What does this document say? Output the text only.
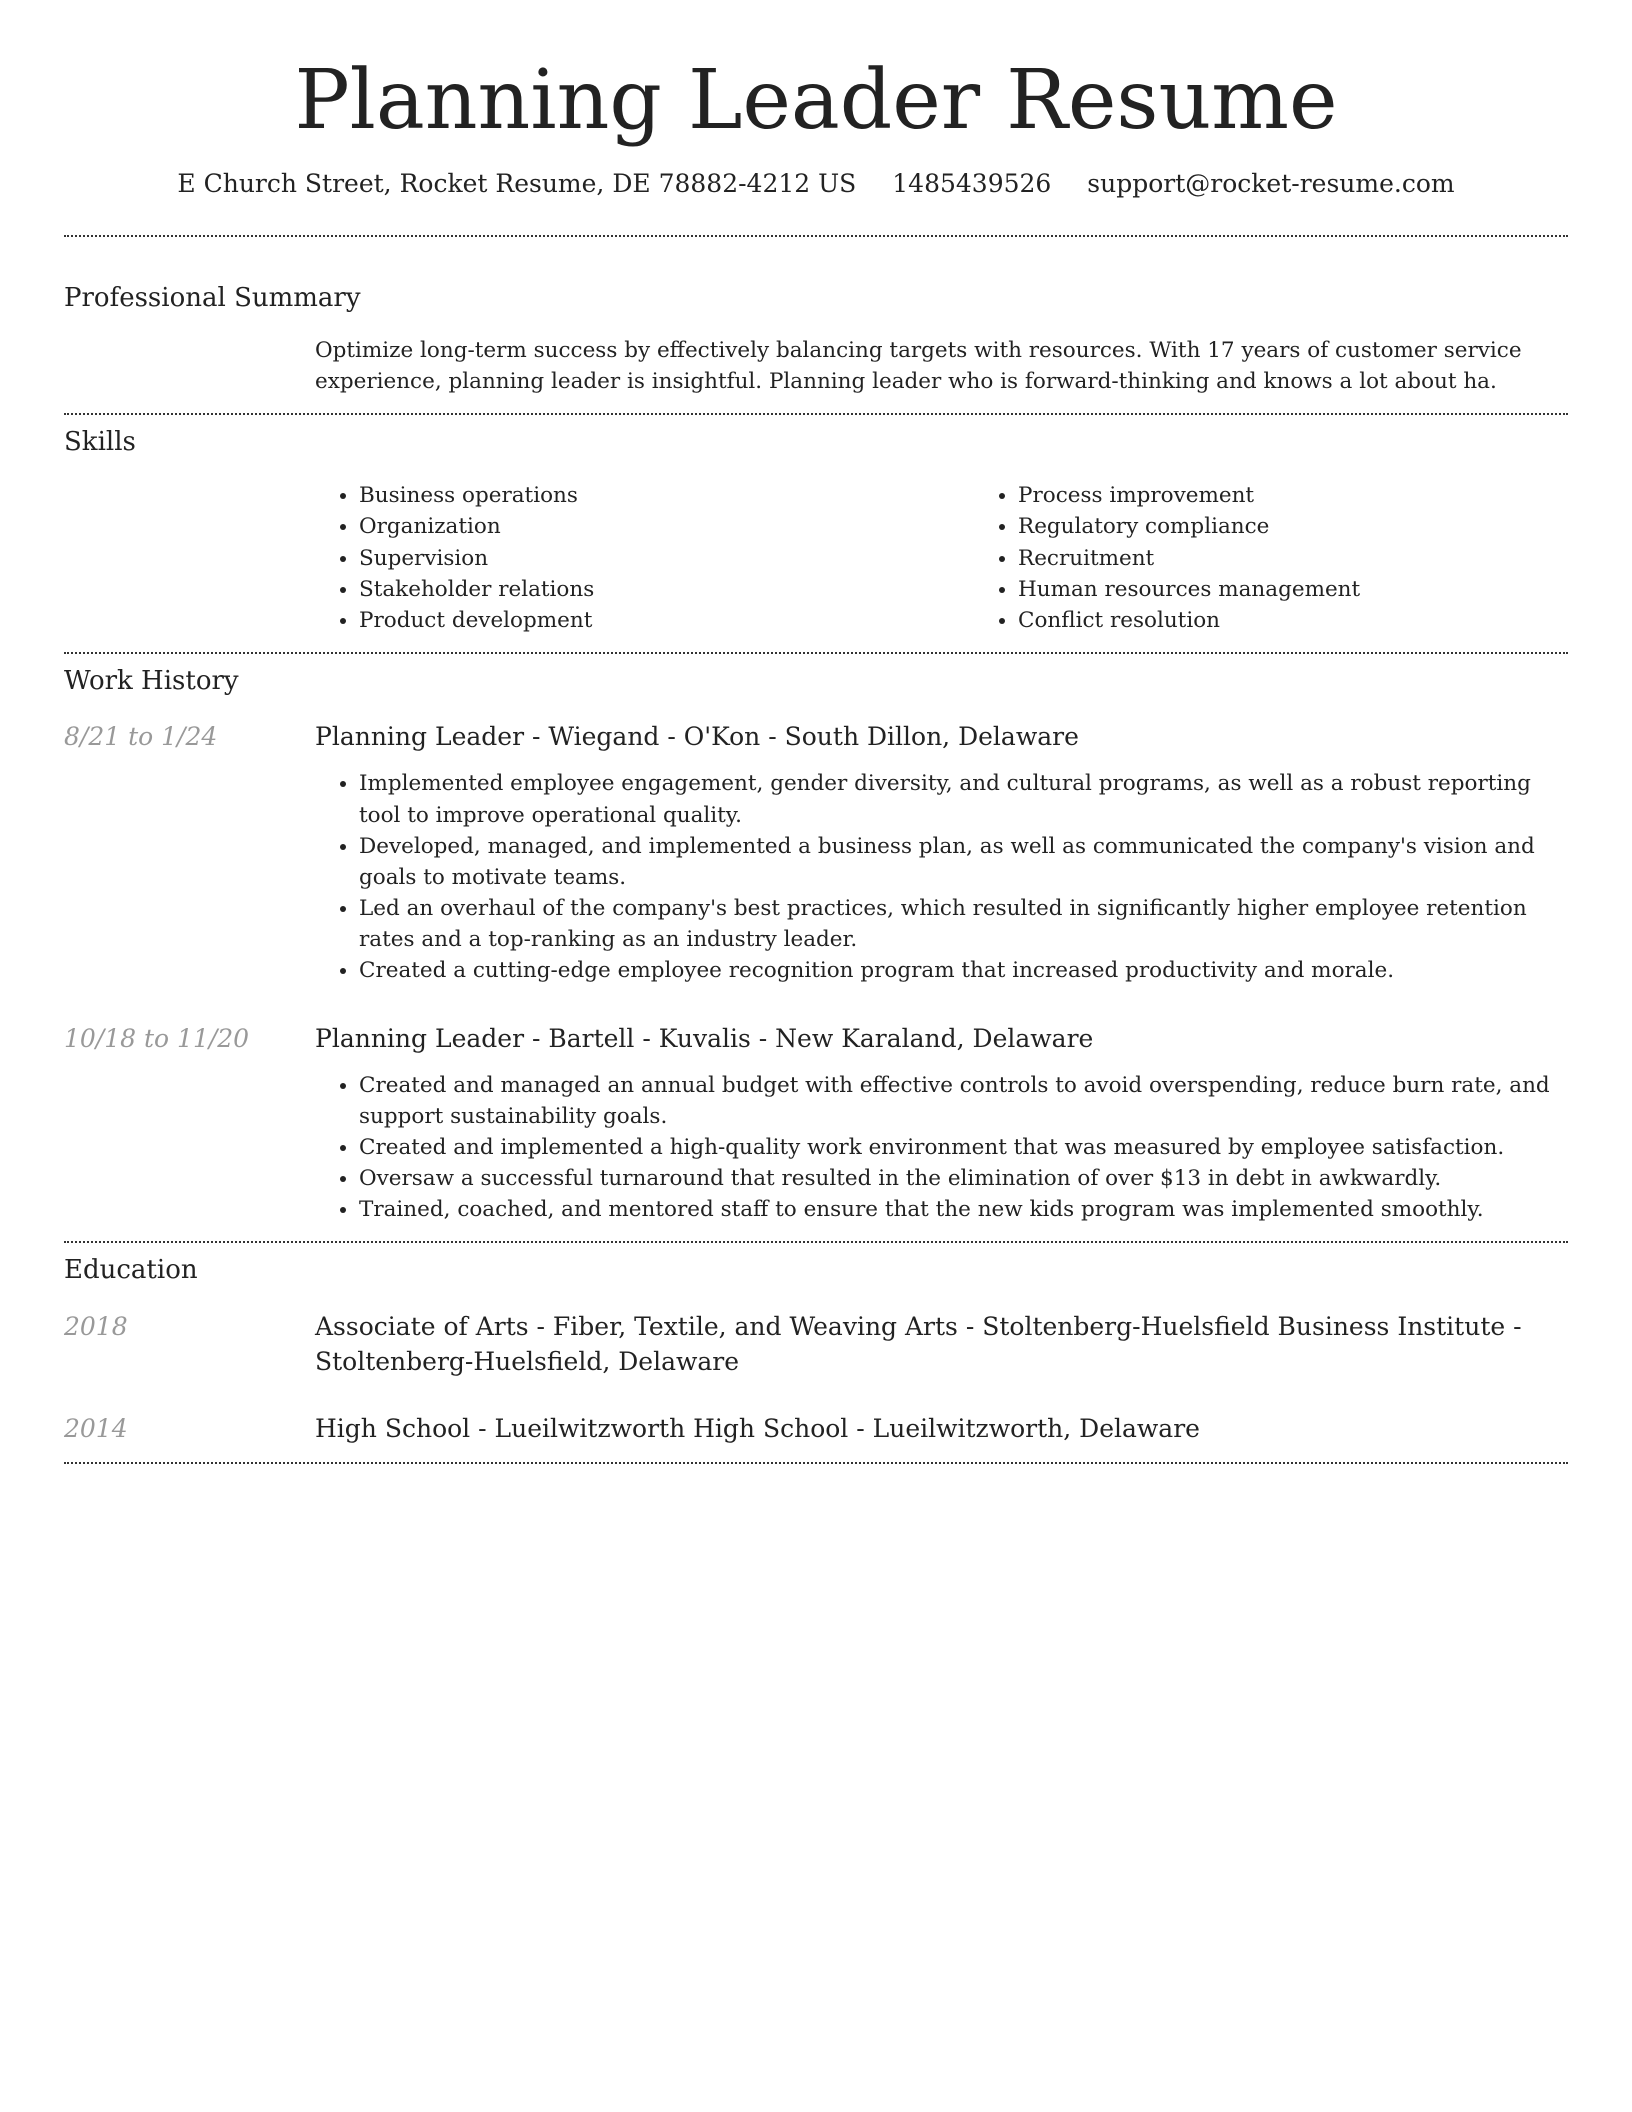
Planning Leader Resume
E Church Street, Rocket Resume, DE 78882-4212 US 1485439526 support@rocket-resume.com
Professional Summary
Optimize long-term success by effectively balancing targets with resources. With 17 years of customer service experience, planning leader is insightful. Planning leader who is forward-thinking and knows a lot about ha.
Skills
• Business operations
• Organization
• Supervision
• Stakeholder relations
• Product development
• Process improvement
• Regulatory compliance
• Recruitment
• Human resources management
• Conflict resolution
Work History
8/21 to 1/24	Planning Leader - Wiegand - O'Kon - South Dillon, Delaware
• Implemented employee engagement, gender diversity, and cultural programs, as well as a robust reporting tool to improve operational quality.
• Developed, managed, and implemented a business plan, as well as communicated the company's vision and goals to motivate teams.
• Led an overhaul of the company's best practices, which resulted in significantly higher employee retention rates and a top-ranking as an industry leader.
• Created a cutting-edge employee recognition program that increased productivity and morale.
10/18 to 11/20	Planning Leader - Bartell - Kuvalis - New Karaland, Delaware
• Created and managed an annual budget with effective controls to avoid overspending, reduce burn rate, and support sustainability goals.
• Created and implemented a high-quality work environment that was measured by employee satisfaction.
• Oversaw a successful turnaround that resulted in the elimination of over $13 in debt in awkwardly.
• Trained, coached, and mentored staff to ensure that the new kids program was implemented smoothly.
Education
2018	Associate of Arts - Fiber, Textile, and Weaving Arts - Stoltenberg-Huelsfield Business Institute - Stoltenberg-Huelsfield, Delaware
2014	High School - Lueilwitzworth High School - Lueilwitzworth, Delaware
